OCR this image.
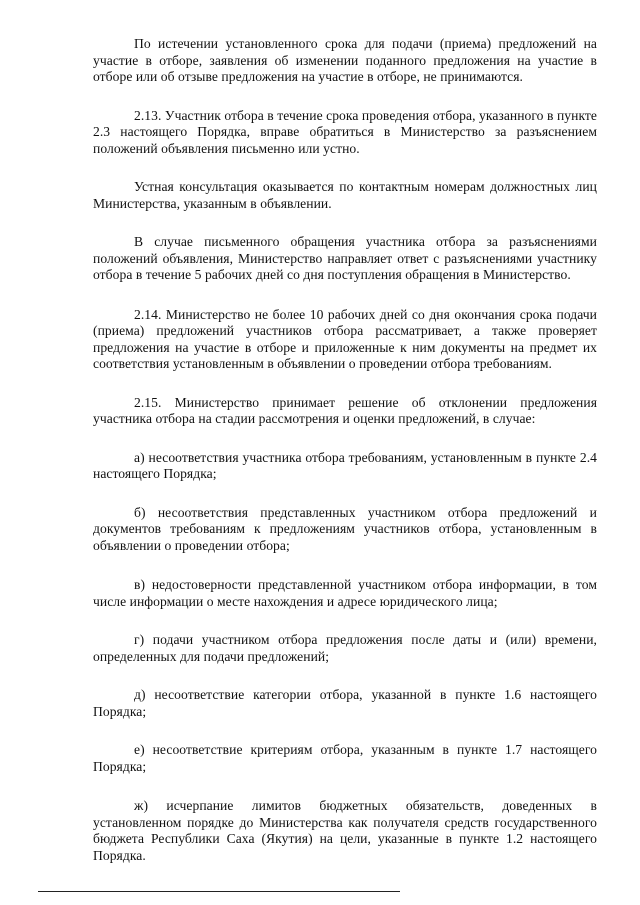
По истечении установленного срока для подачи (приема) предложений на участие в отборе, заявления об изменении поданного предложения на участие в отборе или об отзыве предложения на участие в отборе, не принимаются.

2.13. Участник отбора в течение срока проведения отбора, указанного в пункте 2.3 настоящего Порядка, вправе обратиться в Министерство за разъяснением положений объявления письменно или устно.

Устная консультация оказывается по контактным номерам должностных лиц Министерства, указанным в объявлении.

В случае письменного обращения участника отбора за разъяснениями положений объявления, Министерство направляет ответ с разъяснениями участнику отбора в течение 5 рабочих дней со дня поступления обращения в Министерство.

2.14. Министерство не более 10 рабочих дней со дня окончания срока подачи (приема) предложений участников отбора рассматривает, а также проверяет предложения на участие в отборе и приложенные к ним документы на предмет их соответствия установленным в объявлении о проведении отбора требованиям.

2.15. Министерство принимает решение об отклонении предложения участника отбора на стадии рассмотрения и оценки предложений, в случае:

а) несоответствия участника отбора требованиям, установленным в пункте 2.4 настоящего Порядка;

б) несоответствия представленных участником отбора предложений и документов требованиям к предложениям участников отбора, установленным в объявлении о проведении отбора;

в) недостоверности представленной участником отбора информации, в том числе информации о месте нахождения и адресе юридического лица;

г) подачи участником отбора предложения после даты и (или) времени, определенных для подачи предложений;

д) несоответствие категории отбора, указанной в пункте 1.6 настоящего Порядка;

е) несоответствие критериям отбора, указанным в пункте 1.7 настоящего Порядка;

ж) исчерпание лимитов бюджетных обязательств, доведенных в установленном порядке до Министерства как получателя средств государственного бюджета Республики Саха (Якутия) на цели, указанные в пункте 1.2 настоящего Порядка.
